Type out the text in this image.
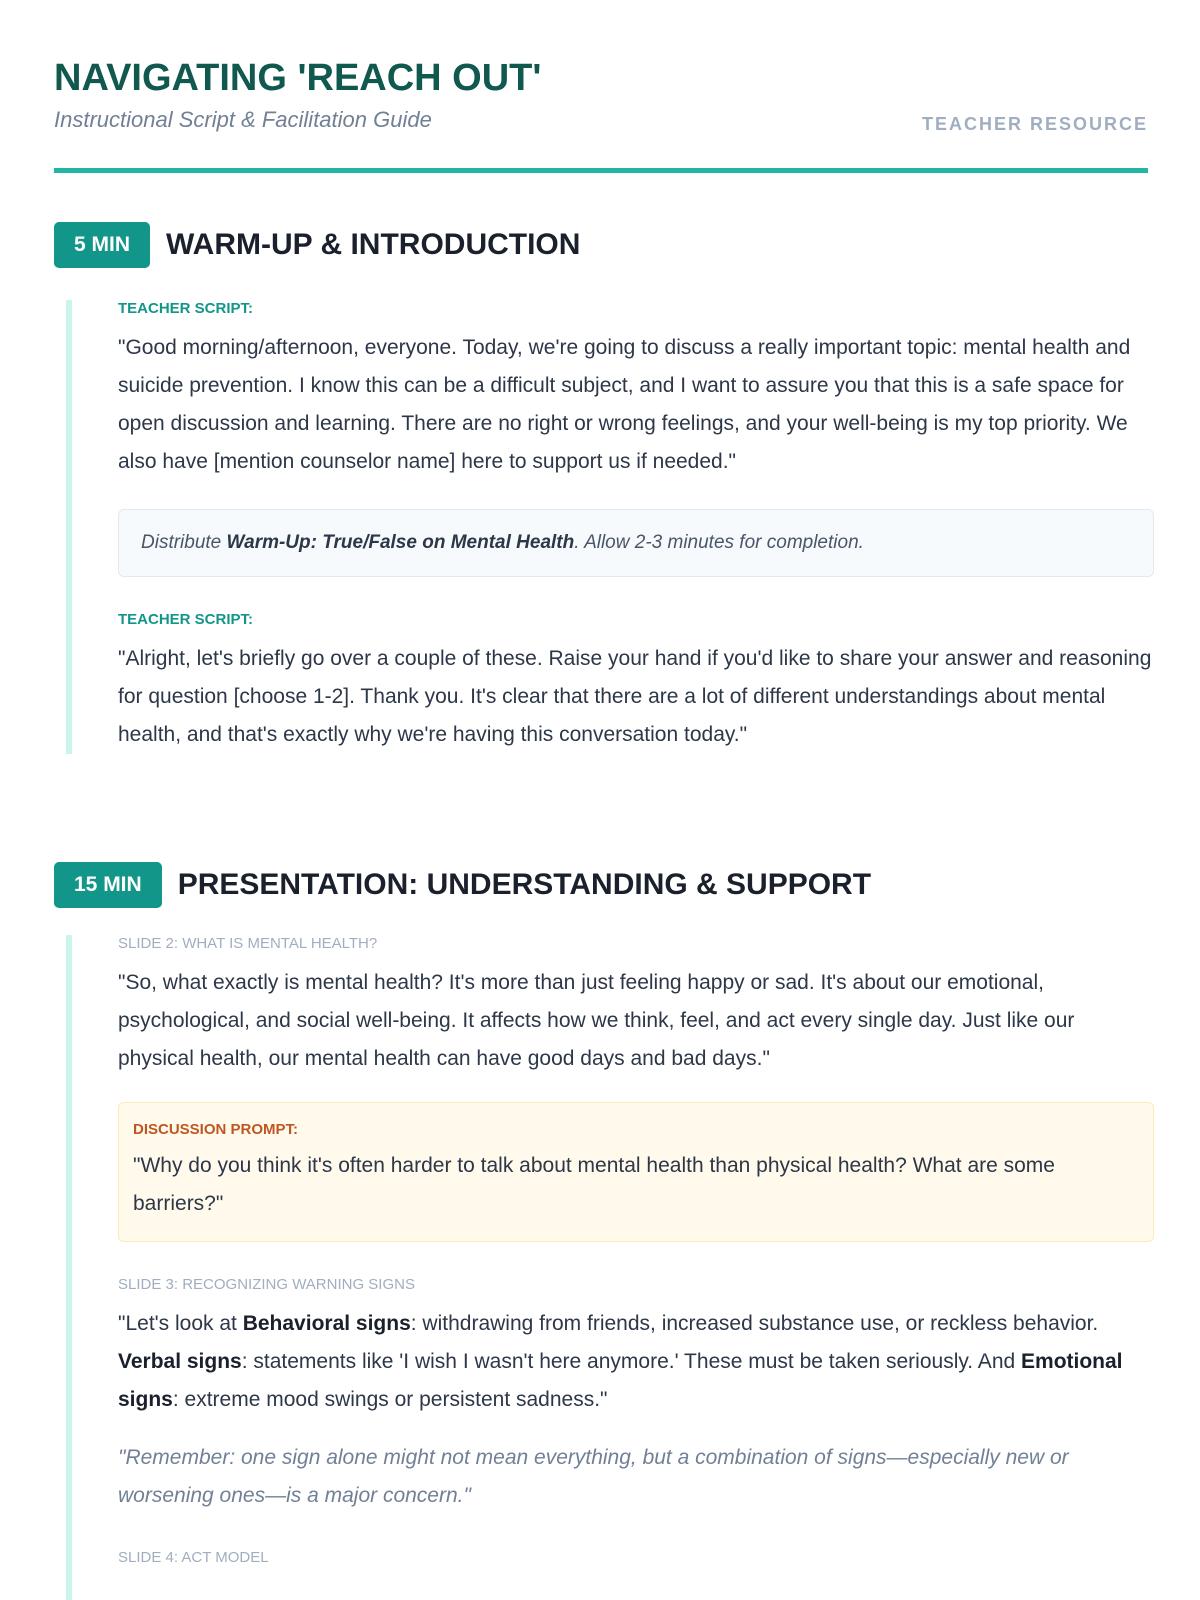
NAVIGATING 'REACH OUT'
Instructional Script & Facilitation Guide	TEACHER RESOURCE
5 MIN	WARM-UP & INTRODUCTION
TEACHER SCRIPT:
"Good morning/afternoon, everyone. Today, we're going to discuss a really important topic: mental health and suicide prevention. I know this can be a difficult subject, and I want to assure you that this is a safe space for open discussion and learning. There are no right or wrong feelings, and your well-being is my top priority. We also have [mention counselor name] here to support us if needed."
Distribute Warm-Up: True/False on Mental Health. Allow 2-3 minutes for completion.
TEACHER SCRIPT:
"Alright, let's briefly go over a couple of these. Raise your hand if you'd like to share your answer and reasoning for question [choose 1-2]. Thank you. It's clear that there are a lot of different understandings about mental health, and that's exactly why we're having this conversation today."
15 MIN	PRESENTATION: UNDERSTANDING & SUPPORT
SLIDE 2: WHAT IS MENTAL HEALTH?
"So, what exactly is mental health? It's more than just feeling happy or sad. It's about our emotional, psychological, and social well-being. It affects how we think, feel, and act every single day. Just like our physical health, our mental health can have good days and bad days."
DISCUSSION PROMPT:
"Why do you think it's often harder to talk about mental health than physical health? What are some barriers?"
SLIDE 3: RECOGNIZING WARNING SIGNS
"Let's look at Behavioral signs: withdrawing from friends, increased substance use, or reckless behavior. Verbal signs: statements like 'I wish I wasn't here anymore.' These must be taken seriously. And Emotional signs: extreme mood swings or persistent sadness."
"Remember: one sign alone might not mean everything, but a combination of signs—especially new or worsening ones—is a major concern."
SLIDE 4: ACT MODEL
